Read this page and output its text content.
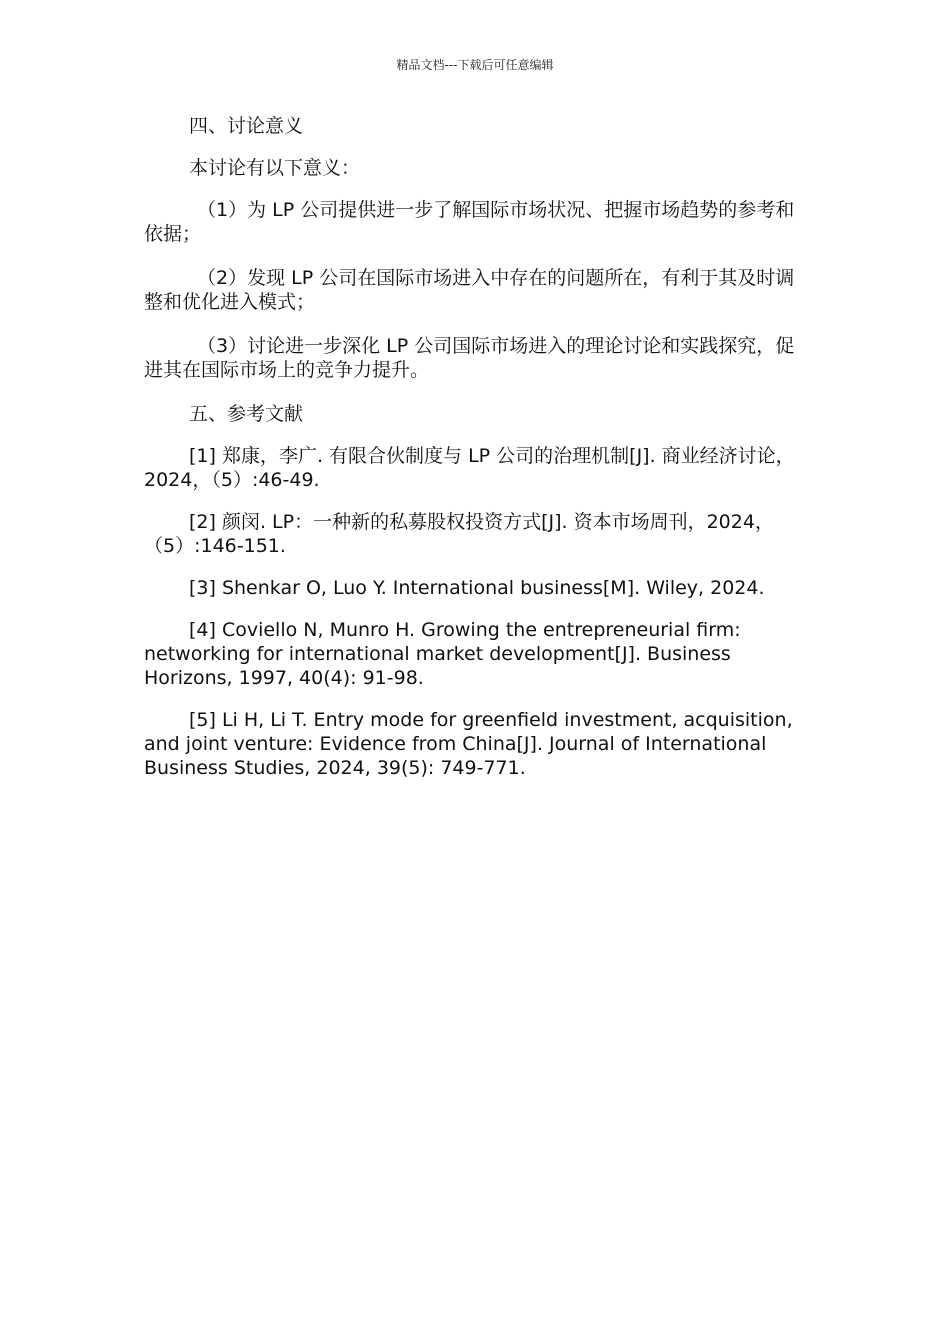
精品文档---下载后可任意编辑

四、讨论意义

本讨论有以下意义：

（1）为 LP 公司提供进一步了解国际市场状况、把握市场趋势的参考和依据；

（2）发现 LP 公司在国际市场进入中存在的问题所在，有利于其及时调整和优化进入模式；

（3）讨论进一步深化 LP 公司国际市场进入的理论讨论和实践探究，促进其在国际市场上的竞争力提升。

五、参考文献

[1] 郑康，李广. 有限合伙制度与 LP 公司的治理机制[J]. 商业经济讨论，2024，（5）:46-49.

[2] 颜闵. LP：一种新的私募股权投资方式[J]. 资本市场周刊，2024，（5）:146-151.

[3] Shenkar O, Luo Y. International business[M]. Wiley, 2024.

[4] Coviello N, Munro H. Growing the entrepreneurial firm: networking for international market development[J]. Business Horizons, 1997, 40(4): 91-98.

[5] Li H, Li T. Entry mode for greenfield investment, acquisition, and joint venture: Evidence from China[J]. Journal of International Business Studies, 2024, 39(5): 749-771.
